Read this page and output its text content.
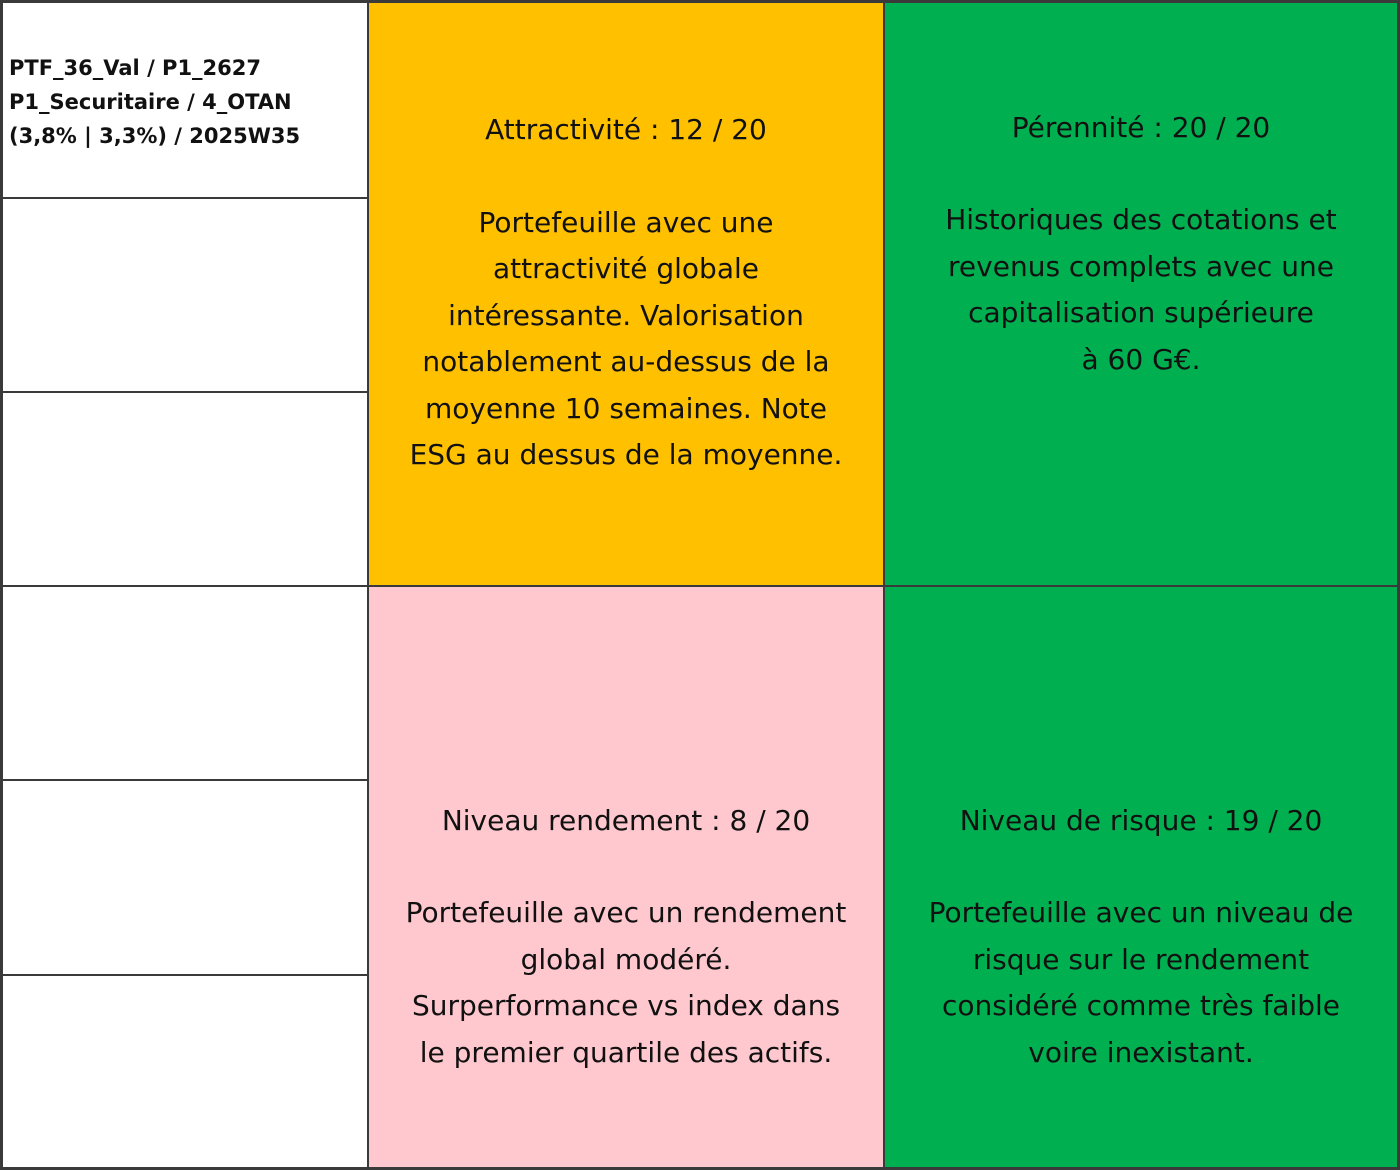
PTF_36_Val / P1_2627
P1_Securitaire / 4_OTAN
(3,8% | 3,3%) / 2025W35	Attractivité : 12 / 20
Portefeuille avec une
attractivité globale
intéressante. Valorisation
notablement au-dessus de la
moyenne 10 semaines. Note
ESG au dessus de la moyenne.
Pérennité : 20 / 20
Historiques des cotations et
revenus complets avec une
capitalisation supérieure
à 60 G€.
Niveau rendement : 8 / 20
Portefeuille avec un rendement
global modéré.
Surperformance vs index dans
le premier quartile des actifs.
Niveau de risque : 19 / 20
Portefeuille avec un niveau de
risque sur le rendement
considéré comme très faible
voire inexistant.
